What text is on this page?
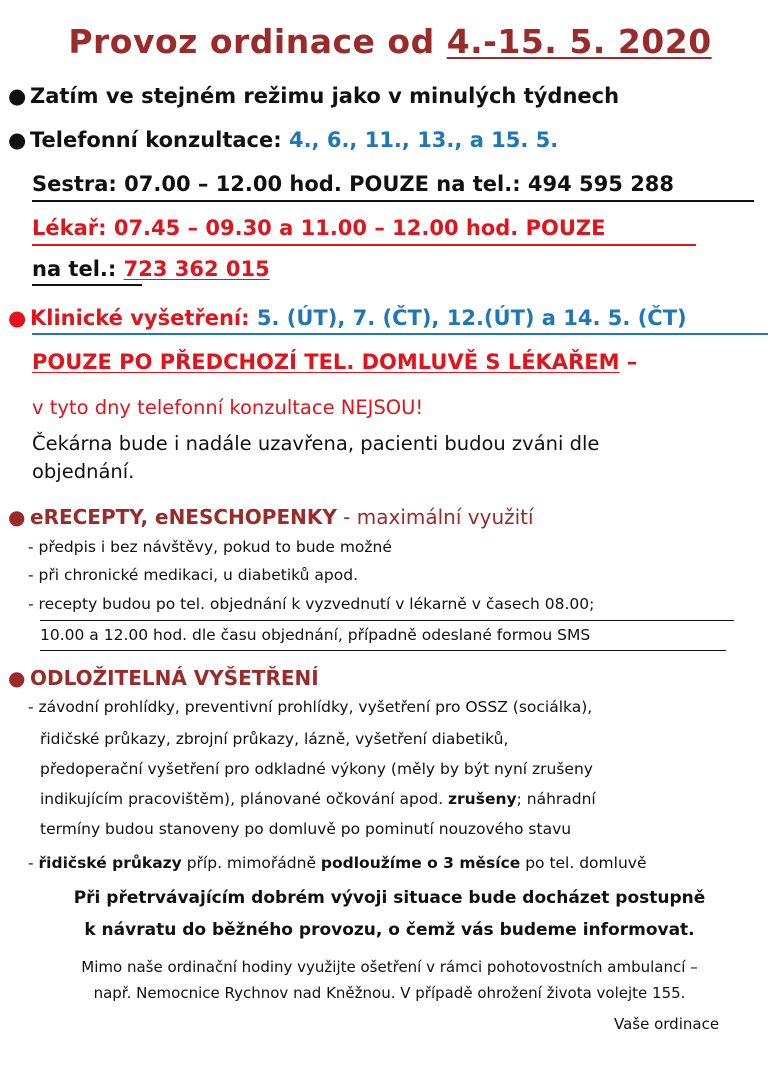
Provoz ordinace od 4.-15. 5. 2020
● Zatím ve stejném režimu jako v minulých týdnech
● Telefonní konzultace: 4., 6., 11., 13., a 15. 5.
Sestra: 07.00 – 12.00 hod. POUZE na tel.: 494 595 288
Lékař: 07.45 – 09.30 a 11.00 – 12.00 hod. POUZE
na tel.: 723 362 015
● Klinické vyšetření: 5. (ÚT), 7. (ČT), 12.(ÚT) a 14. 5. (ČT)
POUZE PO PŘEDCHOZÍ TEL. DOMLUVĚ S LÉKAŘEM –
v tyto dny telefonní konzultace NEJSOU!
Čekárna bude i nadále uzavřena, pacienti budou zváni dle
objednání.
● eRECEPTY, eNESCHOPENKY - maximální využití
- předpis i bez návštěvy, pokud to bude možné
- při chronické medikaci, u diabetiků apod.
- recepty budou po tel. objednání k vyzvednutí v lékarně v časech 08.00;
10.00 a 12.00 hod. dle času objednání, případně odeslané formou SMS
● ODLOŽITELNÁ VYŠETŘENÍ
- závodní prohlídky, preventivní prohlídky, vyšetření pro OSSZ (sociálka),
řidičské průkazy, zbrojní průkazy, lázně, vyšetření diabetiků,
předoperační vyšetření pro odkladné výkony (měly by být nyní zrušeny
indikujícím pracovištěm), plánované očkování apod. zrušeny; náhradní
termíny budou stanoveny po domluvě po pominutí nouzového stavu
- řidičské průkazy příp. mimořádně podloužíme o 3 měsíce po tel. domluvě
Při přetrvávajícím dobrém vývoji situace bude docházet postupně
k návratu do běžného provozu, o čemž vás budeme informovat.
Mimo naše ordinační hodiny využijte ošetření v rámci pohotovostních ambulancí –
např. Nemocnice Rychnov nad Kněžnou. V případě ohrožení života volejte 155.
Vaše ordinace
